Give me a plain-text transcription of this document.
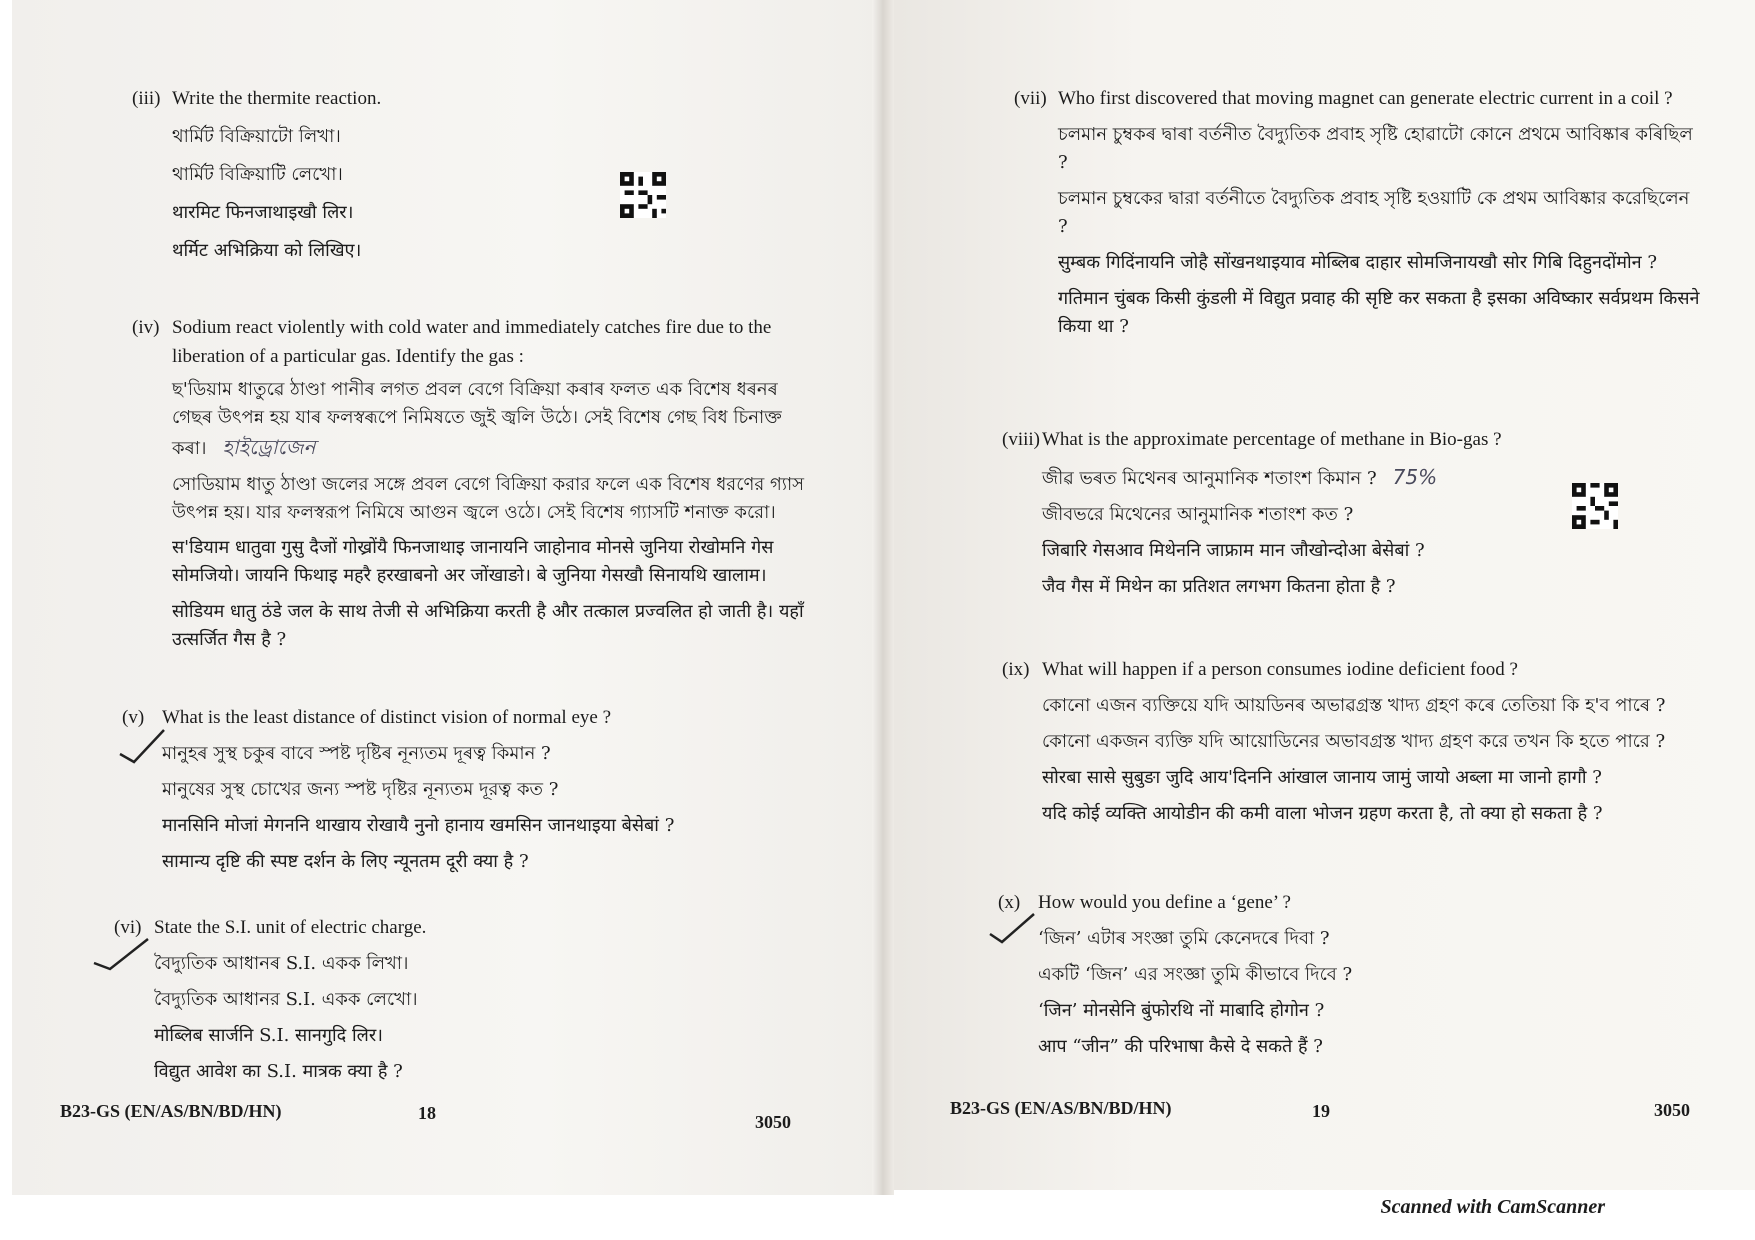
(iii) Write the thermite reaction.
থাৰ্মিট বিক্ৰিয়াটো লিখা।
থার্মিট বিক্রিয়াটি লেখো।
थारमिट फिनजाथाइखौ लिर।
थर्मिट अभिक्रिया को लिखिए।
(iv) Sodium react violently with cold water and immediately catches fire due to the liberation of a particular gas. Identify the gas :
ছ'ডিয়াম ধাতুৱে ঠাণ্ডা পানীৰ লগত প্ৰবল বেগে বিক্ৰিয়া কৰাৰ ফলত এক বিশেষ ধৰনৰ গেছৰ উৎপন্ন হয় যাৰ ফলস্বৰূপে নিমিষতে জুই জ্বলি উঠে। সেই বিশেষ গেছ বিধ চিনাক্ত কৰা। হাইড্ৰোজেন
সোডিয়াম ধাতু ঠাণ্ডা জলের সঙ্গে প্রবল বেগে বিক্রিয়া করার ফলে এক বিশেষ ধরণের গ্যাস উৎপন্ন হয়। যার ফলস্বরূপ নিমিষে আগুন জ্বলে ওঠে। সেই বিশেষ গ্যাসটি শনাক্ত করো।
स'डियाम धातुवा गुसु दैजों गोख्रोंयै फिनजाथाइ जानायनि जाहोनाव मोनसे जुनिया रोखोमनि गेस सोमजियो। जायनि फिथाइ महरै हरखाबनो अर जोंखाङो। बे जुनिया गेसखौ सिनायथि खालाम।
सोडियम धातु ठंडे जल के साथ तेजी से अभिक्रिया करती है और तत्काल प्रज्वलित हो जाती है। यहाँ उत्सर्जित गैस है ?
(v) What is the least distance of distinct vision of normal eye ?
মানুহৰ সুস্থ চকুৰ বাবে স্পষ্ট দৃষ্টিৰ নূন্যতম দূৰত্ব কিমান ?
মানুষের সুস্থ চোখের জন্য স্পষ্ট দৃষ্টির নূন্যতম দূরত্ব কত ?
मानसिनि मोजां मेगननि थाखाय रोखायै नुनो हानाय खमसिन जानथाइया बेसेबां ?
सामान्य दृष्टि की स्पष्ट दर्शन के लिए न्यूनतम दूरी क्या है ?
(vi) State the S.I. unit of electric charge.
বৈদ্যুতিক আধানৰ S.I. একক লিখা।
বৈদ্যুতিক আধানর S.I. একক লেখো।
मोब्लिब सार्जनि S.I. सानगुदि लिर।
विद्युत आवेश का S.I. मात्रक क्या है ?
B23-GS (EN/AS/BN/BD/HN)	18	3050
(vii) Who first discovered that moving magnet can generate electric current in a coil ?
চলমান চুম্বকৰ দ্বাৰা বৰ্তনীত বৈদ্যুতিক প্ৰবাহ সৃষ্টি হোৱাটো কোনে প্ৰথমে আবিষ্কাৰ কৰিছিল ?
চলমান চুম্বকের দ্বারা বর্তনীতে বৈদ্যুতিক প্রবাহ সৃষ্টি হওয়াটি কে প্রথম আবিষ্কার করেছিলেন ?
सुम्बक गिदिंनायनि जोहै सोंखनथाइयाव मोब्लिब दाहार सोमजिनायखौ सोर गिबि दिहुनदोंमोन ?
गतिमान चुंबक किसी कुंडली में विद्युत प्रवाह की सृष्टि कर सकता है इसका अविष्कार सर्वप्रथम किसने किया था ?
(viii) What is the approximate percentage of methane in Bio-gas ?
জীৱ ভৰত মিথেনৰ আনুমানিক শতাংশ কিমান ? 75%
জীবভরে মিথেনের আনুমানিক শতাংশ কত ?
जिबारि गेसआव मिथेननि जाफ्राम मान जौखोन्दोआ बेसेबां ?
जैव गैस में मिथेन का प्रतिशत लगभग कितना होता है ?
(ix) What will happen if a person consumes iodine deficient food ?
কোনো এজন ব্যক্তিয়ে যদি আয়ডিনৰ অভাৱগ্ৰস্ত খাদ্য গ্ৰহণ কৰে তেতিয়া কি হ'ব পাৰে ?
কোনো একজন ব্যক্তি যদি আয়োডিনের অভাবগ্রস্ত খাদ্য গ্রহণ করে তখন কি হতে পারে ?
सोरबा सासे सुबुङा जुदि आय'दिननि आंखाल जानाय जामुं जायो अब्ला मा जानो हागौ ?
यदि कोई व्यक्ति आयोडीन की कमी वाला भोजन ग्रहण करता है, तो क्या हो सकता है ?
(x) How would you define a ‘gene’ ?
‘জিন’ এটাৰ সংজ্ঞা তুমি কেনেদৰে দিবা ?
একটি ‘জিন’ এর সংজ্ঞা তুমি কীভাবে দিবে ?
‘जिन’ मोनसेनि बुंफोरथि नों माबादि होगोन ?
आप “जीन” की परिभाषा कैसे दे सकते हैं ?
B23-GS (EN/AS/BN/BD/HN)	19	3050
Scanned with CamScanner
